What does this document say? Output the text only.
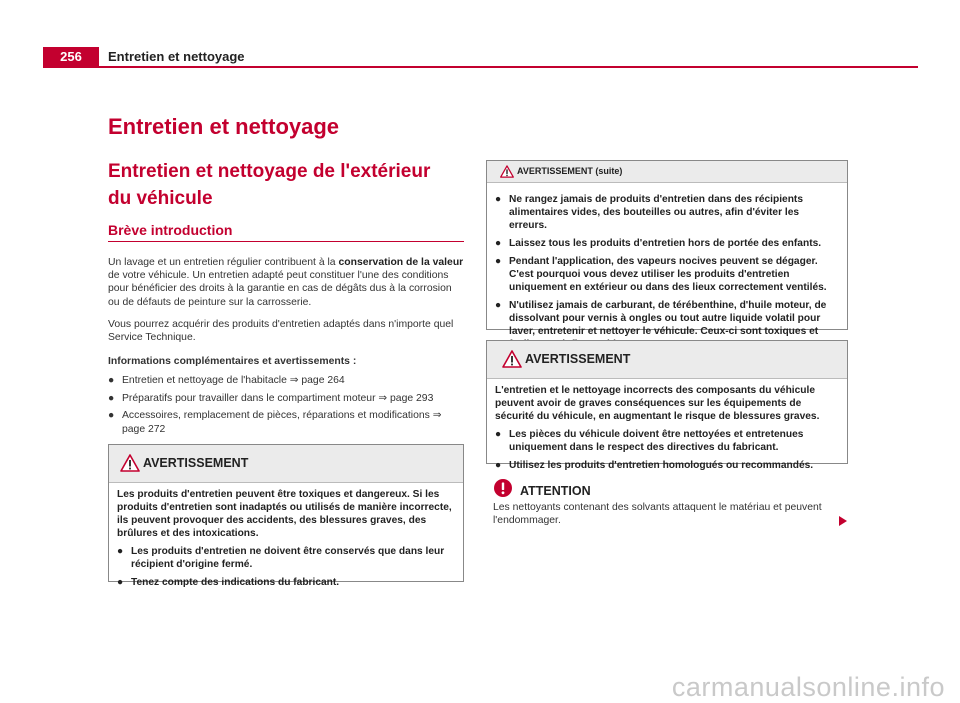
256	Entretien et nettoyage
Entretien et nettoyage
Entretien et nettoyage de l'extérieur du véhicule
Brève introduction
Un lavage et un entretien régulier contribuent à la conservation de la valeur de votre véhicule. Un entretien adapté peut constituer l'une des conditions pour bénéficier des droits à la garantie en cas de dégâts dus à la corrosion ou de défauts de peinture sur la carrosserie.
Vous pourrez acquérir des produits d'entretien adaptés dans n'importe quel Service Technique.
Informations complémentaires et avertissements :
● Entretien et nettoyage de l'habitacle ⇒ page 264
● Préparatifs pour travailler dans le compartiment moteur ⇒ page 293
● Accessoires, remplacement de pièces, réparations et modifications ⇒ page 272
AVERTISSEMENT
Les produits d'entretien peuvent être toxiques et dangereux. Si les produits d'entretien sont inadaptés ou utilisés de manière incorrecte, ils peuvent provoquer des accidents, des blessures graves, des brûlures et des intoxications.
● Les produits d'entretien ne doivent être conservés que dans leur récipient d'origine fermé.
● Tenez compte des indications du fabricant.
AVERTISSEMENT (suite)
● Ne rangez jamais de produits d'entretien dans des récipients alimentaires vides, des bouteilles ou autres, afin d'éviter les erreurs.
● Laissez tous les produits d'entretien hors de portée des enfants.
● Pendant l'application, des vapeurs nocives peuvent se dégager. C'est pourquoi vous devez utiliser les produits d'entretien uniquement en extérieur ou dans des lieux correctement ventilés.
● N'utilisez jamais de carburant, de térébenthine, d'huile moteur, de dissolvant pour vernis à ongles ou tout autre liquide volatil pour laver, entretenir et nettoyer le véhicule. Ceux-ci sont toxiques et
AVERTISSEMENT
L'entretien et le nettoyage incorrects des composants du véhicule peuvent avoir de graves conséquences sur les équipements de sécurité du véhicule, en augmentant le risque de blessures graves.
● Les pièces du véhicule doivent être nettoyées et entretenues uniquement dans le respect des directives du fabricant.
● Utilisez les produits d'entretien homologués ou recommandés.
ATTENTION
Les nettoyants contenant des solvants attaquent le matériau et peuvent l'endommager.
carmanualsonline.info
